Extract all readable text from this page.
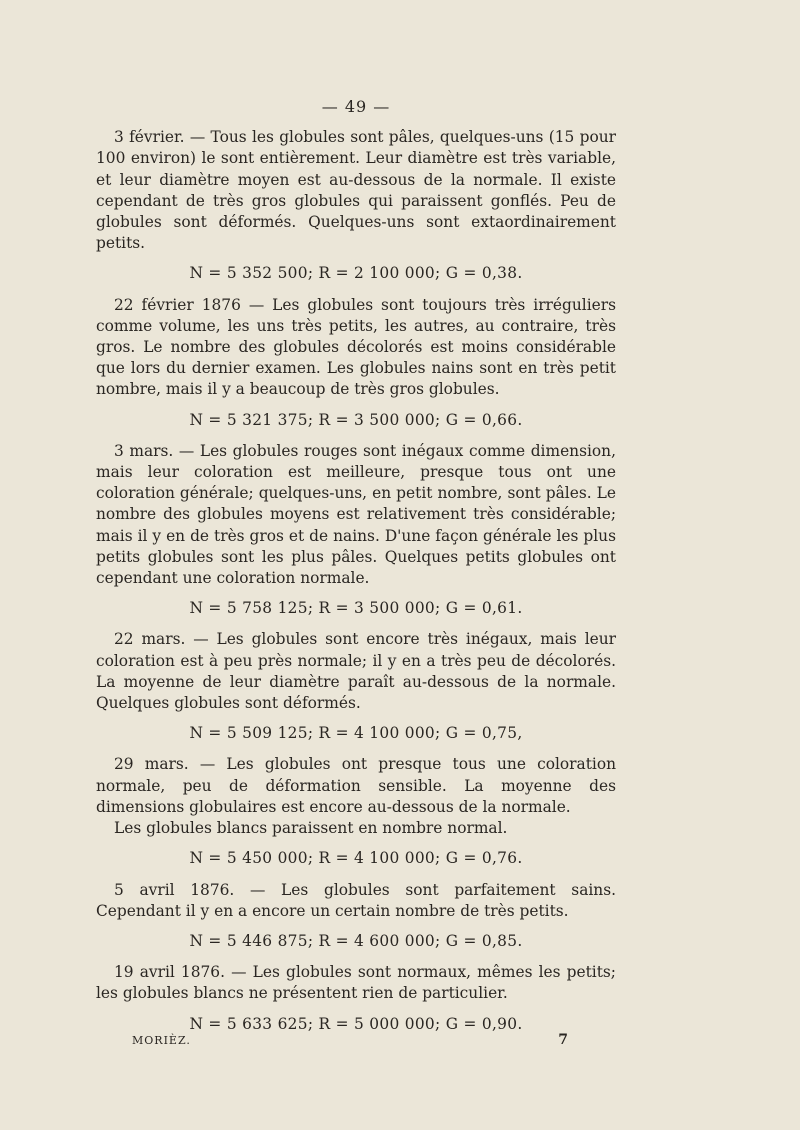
— 49 —

3 février. — Tous les globules sont pâles, quelques-uns (15 pour 100 environ) le sont entièrement. Leur diamètre est très variable, et leur diamètre moyen est au-dessous de la normale. Il existe cependant de très gros globules qui paraissent gonflés. Peu de globules sont déformés. Quelques-uns sont extaordinairement petits.

N = 5 352 500; R = 2 100 000; G = 0,38.

22 février 1876 — Les globules sont toujours très irréguliers comme volume, les uns très petits, les autres, au contraire, très gros. Le nombre des globules décolorés est moins considérable que lors du dernier examen. Les globules nains sont en très petit nombre, mais il y a beaucoup de très gros globules.

N = 5 321 375; R = 3 500 000; G = 0,66.

3 mars. — Les globules rouges sont inégaux comme dimension, mais leur coloration est meilleure, presque tous ont une coloration générale; quelques-uns, en petit nombre, sont pâles. Le nombre des globules moyens est relativement très considérable; mais il y en de très gros et de nains. D'une façon générale les plus petits globules sont les plus pâles. Quelques petits globules ont cependant une coloration normale.

N = 5 758 125; R = 3 500 000; G = 0,61.

22 mars. — Les globules sont encore très inégaux, mais leur coloration est à peu près normale; il y en a très peu de décolorés. La moyenne de leur diamètre paraît au-dessous de la normale. Quelques globules sont déformés.

N = 5 509 125; R = 4 100 000; G = 0,75,

29 mars. — Les globules ont presque tous une coloration normale, peu de déformation sensible. La moyenne des dimensions globulaires est encore au-dessous de la normale.

Les globules blancs paraissent en nombre normal.

N = 5 450 000; R = 4 100 000; G = 0,76.

5 avril 1876. — Les globules sont parfaitement sains. Cependant il y en a encore un certain nombre de très petits.

N = 5 446 875; R = 4 600 000; G = 0,85.

19 avril 1876. — Les globules sont normaux, mêmes les petits; les globules blancs ne présentent rien de particulier.

N = 5 633 625; R = 5 000 000; G = 0,90.
MORIÈZ.	7
